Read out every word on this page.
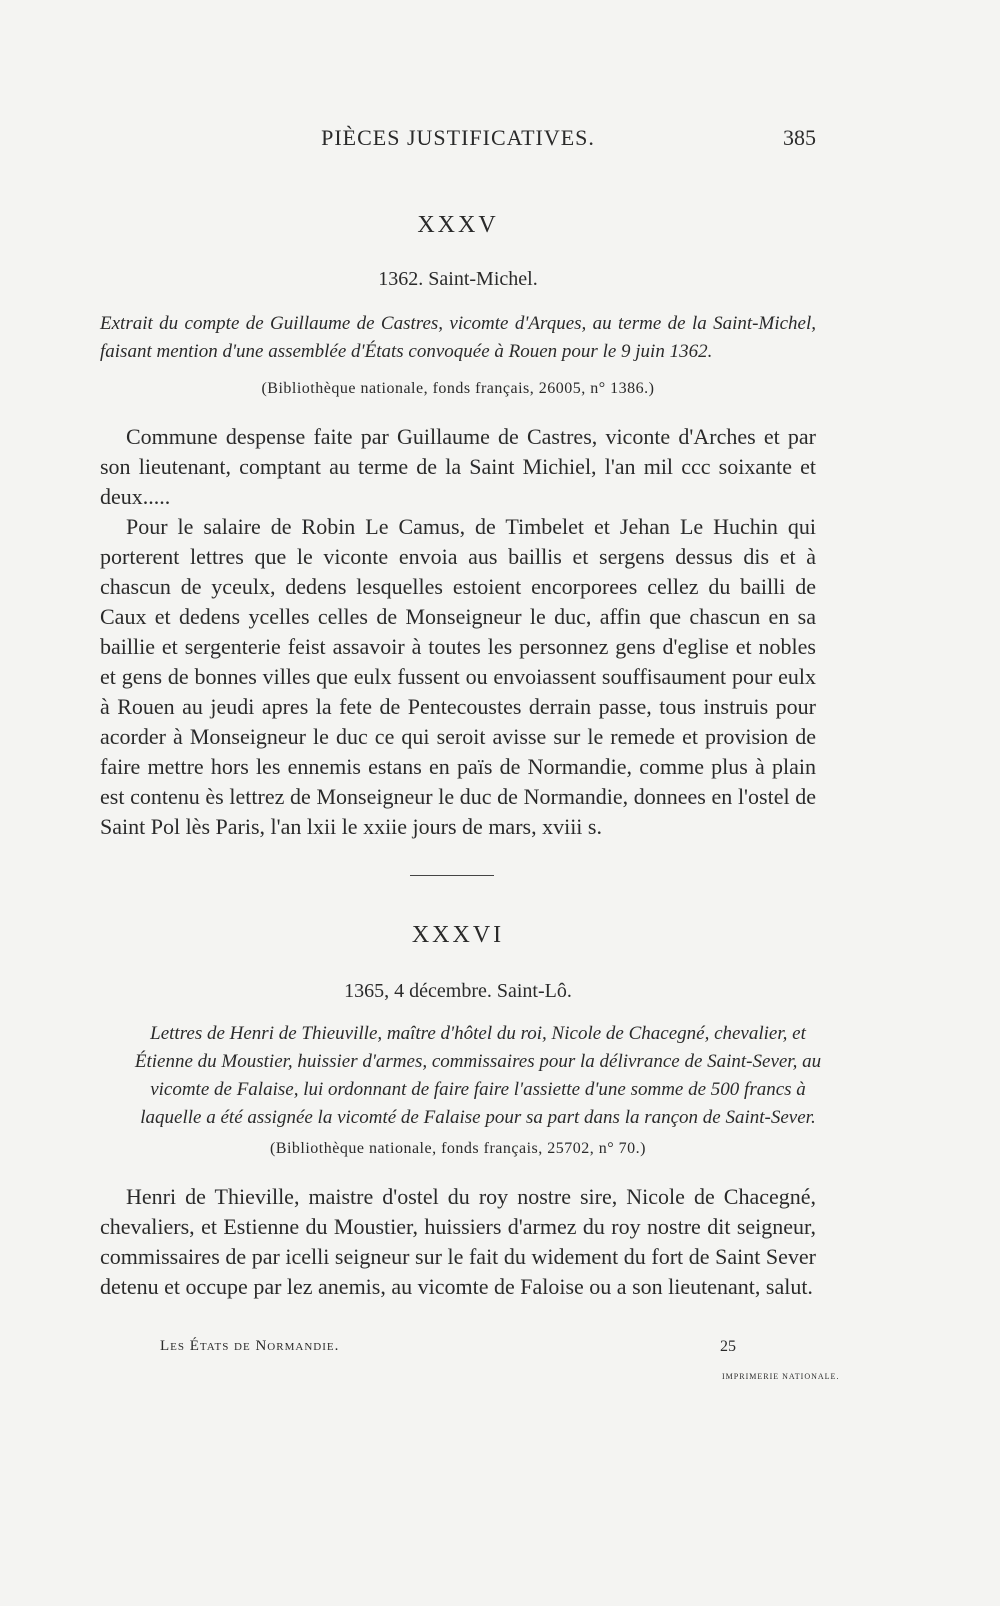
PIÈCES JUSTIFICATIVES.	385
XXXV
1362. Saint-Michel.
Extrait du compte de Guillaume de Castres, vicomte d'Arques, au terme de la Saint-Michel, faisant mention d'une assemblée d'États convoquée à Rouen pour le 9 juin 1362.
(Bibliothèque nationale, fonds français, 26005, n° 1386.)

Commune despense faite par Guillaume de Castres, viconte d'Arches et par son lieutenant, comptant au terme de la Saint Michiel, l'an mil ccc soixante et deux.....

Pour le salaire de Robin Le Camus, de Timbelet et Jehan Le Huchin qui porterent lettres que le viconte envoia aus baillis et sergens dessus dis et à chascun de yceulx, dedens lesquelles estoient encorporees cellez du bailli de Caux et dedens ycelles celles de Monseigneur le duc, affin que chascun en sa baillie et sergenterie feist assavoir à toutes les personnez gens d'eglise et nobles et gens de bonnes villes que eulx fussent ou envoiassent souffisaument pour eulx à Rouen au jeudi apres la fete de Pentecoustes derrain passe, tous instruis pour acorder à Monseigneur le duc ce qui seroit avisse sur le remede et provision de faire mettre hors les ennemis estans en païs de Normandie, comme plus à plain est contenu ès lettrez de Monseigneur le duc de Normandie, donnees en l'ostel de Saint Pol lès Paris, l'an lxii le xxiie jours de mars, xviii s.

XXXVI
1365, 4 décembre. Saint-Lô.
Lettres de Henri de Thieuville, maître d'hôtel du roi, Nicole de Chacegné, chevalier, et Étienne du Moustier, huissier d'armes, commissaires pour la délivrance de Saint-Sever, au vicomte de Falaise, lui ordonnant de faire faire l'assiette d'une somme de 500 francs à laquelle a été assignée la vicomté de Falaise pour sa part dans la rançon de Saint-Sever.
(Bibliothèque nationale, fonds français, 25702, n° 70.)

Henri de Thieville, maistre d'ostel du roy nostre sire, Nicole de Chacegné, chevaliers, et Estienne du Moustier, huissiers d'armez du roy nostre dit seigneur, commissaires de par icelli seigneur sur le fait du widement du fort de Saint Sever detenu et occupe par lez anemis, au vicomte de Faloise ou a son lieutenant, salut.

Les États de Normandie.	25
IMPRIMERIE NATIONALE.
